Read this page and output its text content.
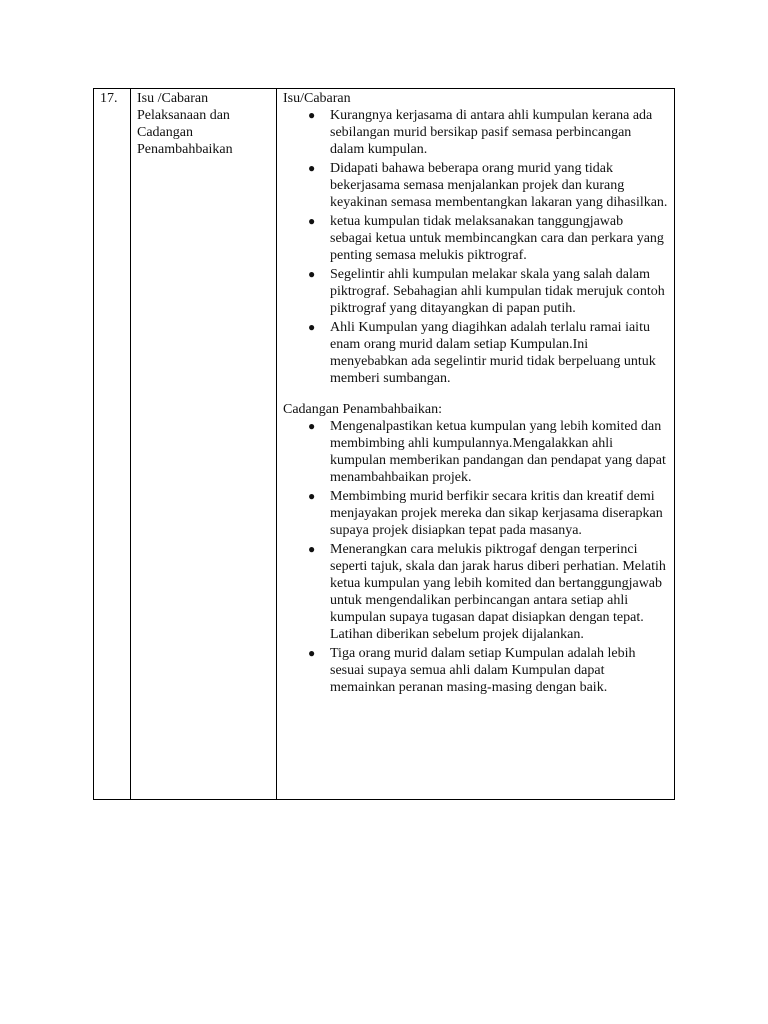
17.	Isu /Cabaran
Pelaksanaan dan
Cadangan
Penambahbaikan
Isu/Cabaran
● Kurangnya kerjasama di antara ahli kumpulan kerana ada sebilangan murid bersikap pasif semasa perbincangan dalam kumpulan.
● Didapati bahawa beberapa orang murid yang tidak bekerjasama semasa menjalankan projek dan kurang keyakinan semasa membentangkan lakaran yang dihasilkan.
● ketua kumpulan tidak melaksanakan tanggungjawab sebagai ketua untuk membincangkan cara dan perkara yang penting semasa melukis piktrograf.
● Segelintir ahli kumpulan melakar skala yang salah dalam piktrograf. Sebahagian ahli kumpulan tidak merujuk contoh piktrograf yang ditayangkan di papan putih.
● Ahli Kumpulan yang diagihkan adalah terlalu ramai iaitu enam orang murid dalam setiap Kumpulan.Ini menyebabkan ada segelintir murid tidak berpeluang untuk memberi sumbangan.
Cadangan Penambahbaikan:
● Mengenalpastikan ketua kumpulan yang lebih komited dan membimbing ahli kumpulannya.Mengalakkan ahli kumpulan memberikan pandangan dan pendapat yang dapat menambahbaikan projek.
● Membimbing murid berfikir secara kritis dan kreatif demi menjayakan projek mereka dan sikap kerjasama diserapkan supaya projek disiapkan tepat pada masanya.
● Menerangkan cara melukis piktrogaf dengan terperinci seperti tajuk, skala dan jarak harus diberi perhatian. Melatih ketua kumpulan yang lebih komited dan bertanggungjawab untuk mengendalikan perbincangan antara setiap ahli kumpulan supaya tugasan dapat disiapkan dengan tepat. Latihan diberikan sebelum projek dijalankan.
● Tiga orang murid dalam setiap Kumpulan adalah lebih sesuai supaya semua ahli dalam Kumpulan dapat memainkan peranan masing-masing dengan baik.
